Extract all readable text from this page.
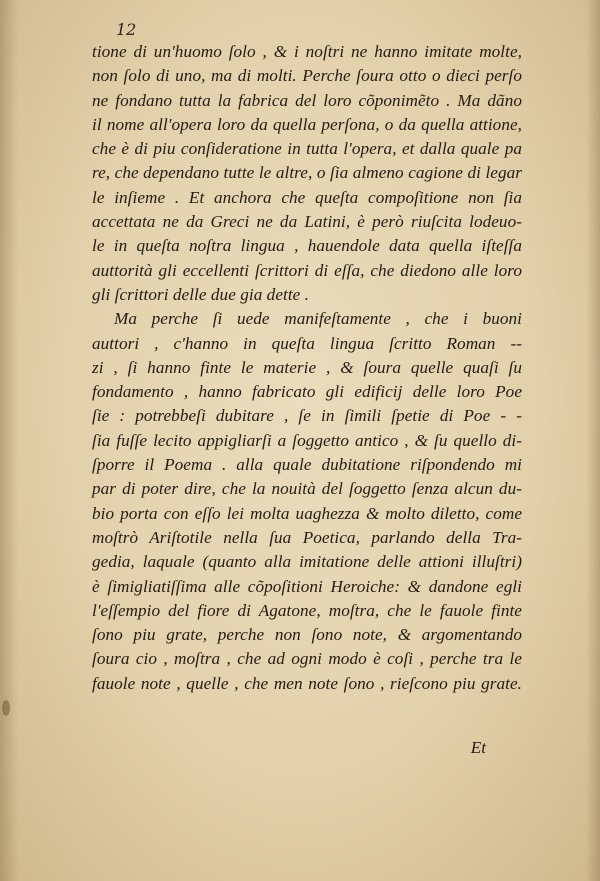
12
tione di un'huomo ſolo , & i noſtri ne hanno imitate molte,
non ſolo di uno, ma di molti. Perche ſoura otto o dieci perſo
ne fondano tutta la fabrica del loro cõponimẽto . Ma dãno
il nome all'opera loro da quella perſona, o da quella attione,
che è di piu conſideratione in tutta l'opera, et dalla quale pa
re, che dependano tutte le altre, o ſia almeno cagione di legar
le inſieme . Et anchora che queſta compoſitione non ſia
accettata ne da Greci ne da Latini, è però riuſcita lodeuo-
le in queſta noſtra lingua , hauendole data quella iſteſſa
auttorità gli eccellenti ſcrittori di eſſa, che diedono alle loro
gli ſcrittori delle due gia dette .
Ma perche ſi uede manifeſtamente , che i buoni
auttori , c'hanno in queſta lingua ſcritto Roman --
zi , ſi hanno finte le materie , & ſoura quelle quaſi ſu
fondamento , hanno fabricato gli edificij delle loro Poe
ſie : potrebbeſi dubitare , ſe in ſimili ſpetie di Poe - -
ſia fuſſe lecito appigliarſi a ſoggetto antico , & ſu quello di-
ſporre il Poema . alla quale dubitatione riſpondendo mi
par di poter dire, che la nouità del ſoggetto ſenza alcun du-
bio porta con eſſo lei molta uaghezza & molto diletto, come
moſtrò Ariſtotile nella ſua Poetica, parlando della Tra-
gedia, laquale (quanto alla imitatione delle attioni illuſtri)
è ſimigliatiſſima alle cõpoſitioni Heroiche: & dandone egli
l'eſſempio del fiore di Agatone, moſtra, che le fauole finte
ſono piu grate, perche non ſono note, & argomentando
ſoura cio , moſtra , che ad ogni modo è coſi , perche tra le
fauole note , quelle , che men note ſono , rieſcono piu grate.
Et
